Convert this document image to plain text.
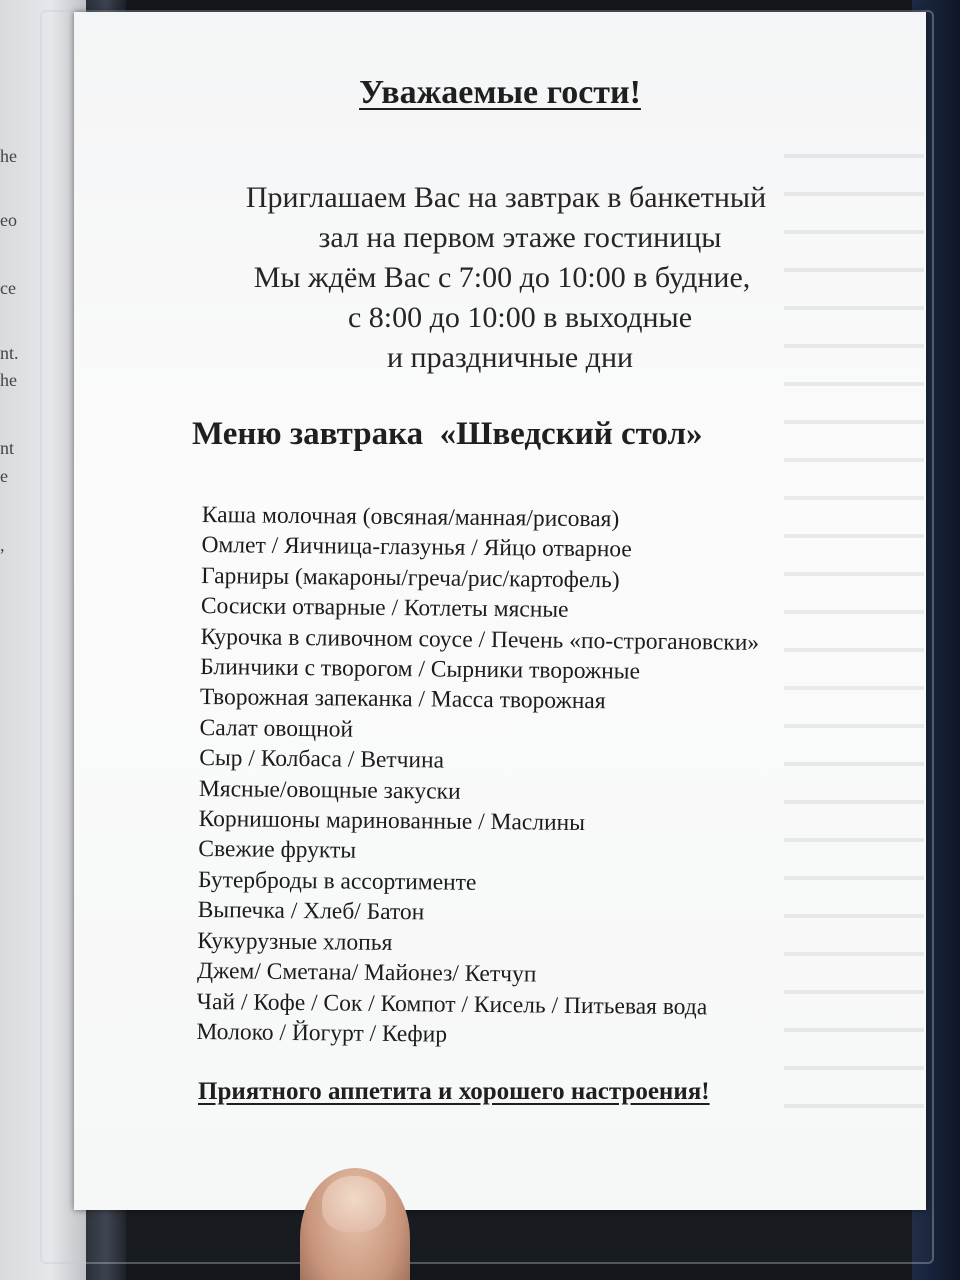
he
eo
ce
nt.
he
nt
e
,
Уважаемые гости!
Приглашаем Вас на завтрак в банкетный
зал на первом этаже гостиницы
Мы ждём Вас с 7:00 до 10:00 в будние,
с 8:00 до 10:00 в выходные
и праздничные дни
Меню завтрака  «Шведский стол»
Каша молочная (овсяная/манная/рисовая)
Омлет / Яичница-глазунья / Яйцо отварное
Гарниры (макароны/греча/рис/картофель)
Сосиски отварные / Котлеты мясные
Курочка в сливочном соусе / Печень «по-строгановски»
Блинчики с творогом / Сырники творожные
Творожная запеканка / Масса творожная
Салат овощной
Сыр / Колбаса / Ветчина
Мясные/овощные закуски
Корнишоны маринованные / Маслины
Свежие фрукты
Бутерброды в ассортименте
Выпечка / Хлеб/ Батон
Кукурузные хлопья
Джем/ Сметана/ Майонез/ Кетчуп
Чай / Кофе / Сок / Компот / Кисель / Питьевая вода
Молоко / Йогурт / Кефир
Приятного аппетита и хорошего настроения!
